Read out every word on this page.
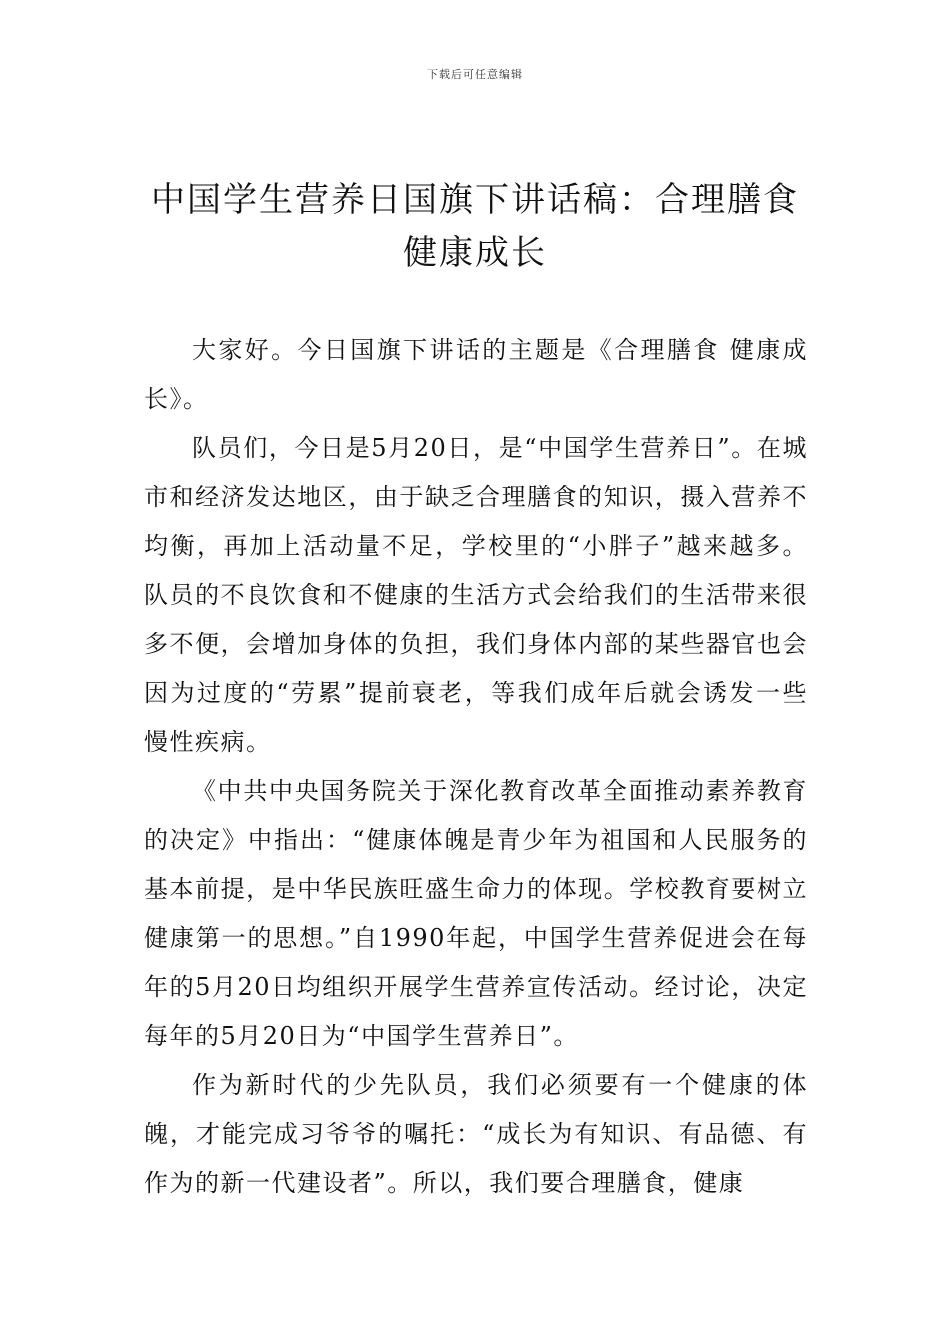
下载后可任意编辑
中国学生营养日国旗下讲话稿：合理膳食
健康成长

大家好。今日国旗下讲话的主题是《合理膳食 健康成长》。

队员们，今日是5月20日，是“中国学生营养日”。在城市和经济发达地区，由于缺乏合理膳食的知识，摄入营养不均衡，再加上活动量不足，学校里的“小胖子”越来越多。队员的不良饮食和不健康的生活方式会给我们的生活带来很多不便，会增加身体的负担，我们身体内部的某些器官也会因为过度的“劳累”提前衰老，等我们成年后就会诱发一些慢性疾病。

《中共中央国务院关于深化教育改革全面推动素养教育的决定》中指出：“健康体魄是青少年为祖国和人民服务的基本前提，是中华民族旺盛生命力的体现。学校教育要树立健康第一的思想。”自1990年起，中国学生营养促进会在每年的5月20日均组织开展学生营养宣传活动。经讨论，决定每年的5月20日为“中国学生营养日”。

作为新时代的少先队员，我们必须要有一个健康的体魄，才能完成习爷爷的嘱托：“成长为有知识、有品德、有作为的新一代建设者”。所以，我们要合理膳食，健康
